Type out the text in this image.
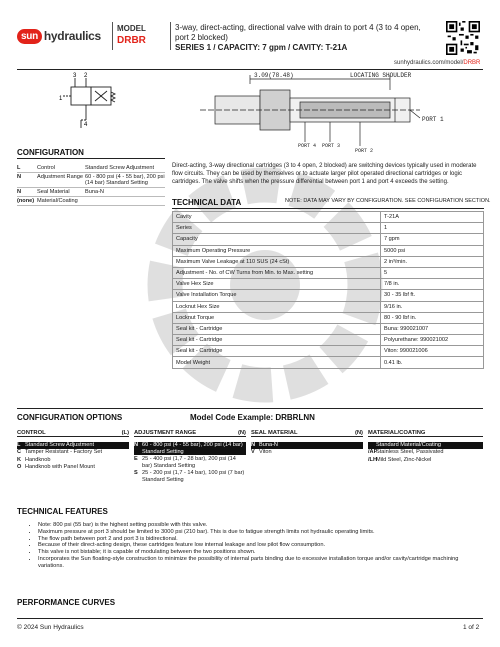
sun hydraulics
MODEL
DRBR
3-way, direct-acting, directional valve with drain to port 4 (3 to 4 open, port 2 blocked)
SERIES 1 / CAPACITY: 7 gpm / CAVITY: T-21A
sunhydraulics.com/model/DRBR
1
3 2
4
3.09(78.48)	LOCATING SHOULDER
PORT 1
PORT 4 PORT 3
PORT 2
CONFIGURATION
L	Control	Standard Screw Adjustment
N	Adjustment Range 60 - 800 psi (4 - 55 bar), 200 psi (14 bar) Standard Setting
N	Seal Material	Buna-N
(none) Material/Coating
Direct-acting, 3-way directional cartridges (3 to 4 open, 2 blocked) are switching devices typically used in moderate flow circuits. They can be used by themselves or to actuate larger pilot operated directional cartridges or logic cartridges. The valve shifts when the pressure differential between port 1 and port 4 exceeds the setting.
TECHNICAL DATA	NOTE: DATA MAY VARY BY CONFIGURATION. SEE CONFIGURATION SECTION.
Cavity	T-21A
Series	1
Capacity	7 gpm
Maximum Operating Pressure	5000 psi
Maximum Valve Leakage at 110 SUS (24 cSt)	2 in³/min.
Adjustment - No. of CW Turns from Min. to Max. setting	5
Valve Hex Size	7/8 in.
Valve Installation Torque	30 - 35 lbf ft.
Locknut Hex Size	9/16 in.
Locknut Torque	80 - 90 lbf in.
Seal kit - Cartridge	Buna: 990021007
Seal kit - Cartridge	Polyurethane: 990021002
Seal kit - Cartridge	Viton: 990021006
Model Weight	0.41 lb.
CONFIGURATION OPTIONS	Model Code Example: DRBRLNN
CONTROL	(L) ADJUSTMENT RANGE	(N) SEAL MATERIAL	(N) MATERIAL/COATING
L Standard Screw Adjustment
C Tamper Resistant - Factory Set
K Handknob
O Handknob with Panel Mount
N 60 - 800 psi (4 - 55 bar), 200 psi (14 bar) Standard Setting
E 25 - 400 psi (1,7 - 28 bar), 200 psi (14 bar) Standard Setting
S 25 - 200 psi (1,7 - 14 bar), 100 psi (7 bar) Standard Setting
N Buna-N
V Viton
Standard Material/Coating
/AP
Stainless Steel, Passivated
/LH
Mild Steel, Zinc-Nickel
TECHNICAL FEATURES
• Note: 800 psi (55 bar) is the highest setting possible with this valve.
• Maximum pressure at port 3 should be limited to 3000 psi (210 bar). This is due to fatigue strength limits not hydraulic operating limits.
• The flow path between port 2 and port 3 is bidirectional.
• Because of their direct-acting design, these cartridges feature low internal leakage and low pilot flow consumption.
• This valve is not bistable; it is capable of modulating between the two positions shown.
• Incorporates the Sun floating-style construction to minimize the possibility of internal parts binding due to excessive installation torque and/or cavity/cartridge machining variations.
PERFORMANCE CURVES
© 2024 Sun Hydraulics	1 of 2
